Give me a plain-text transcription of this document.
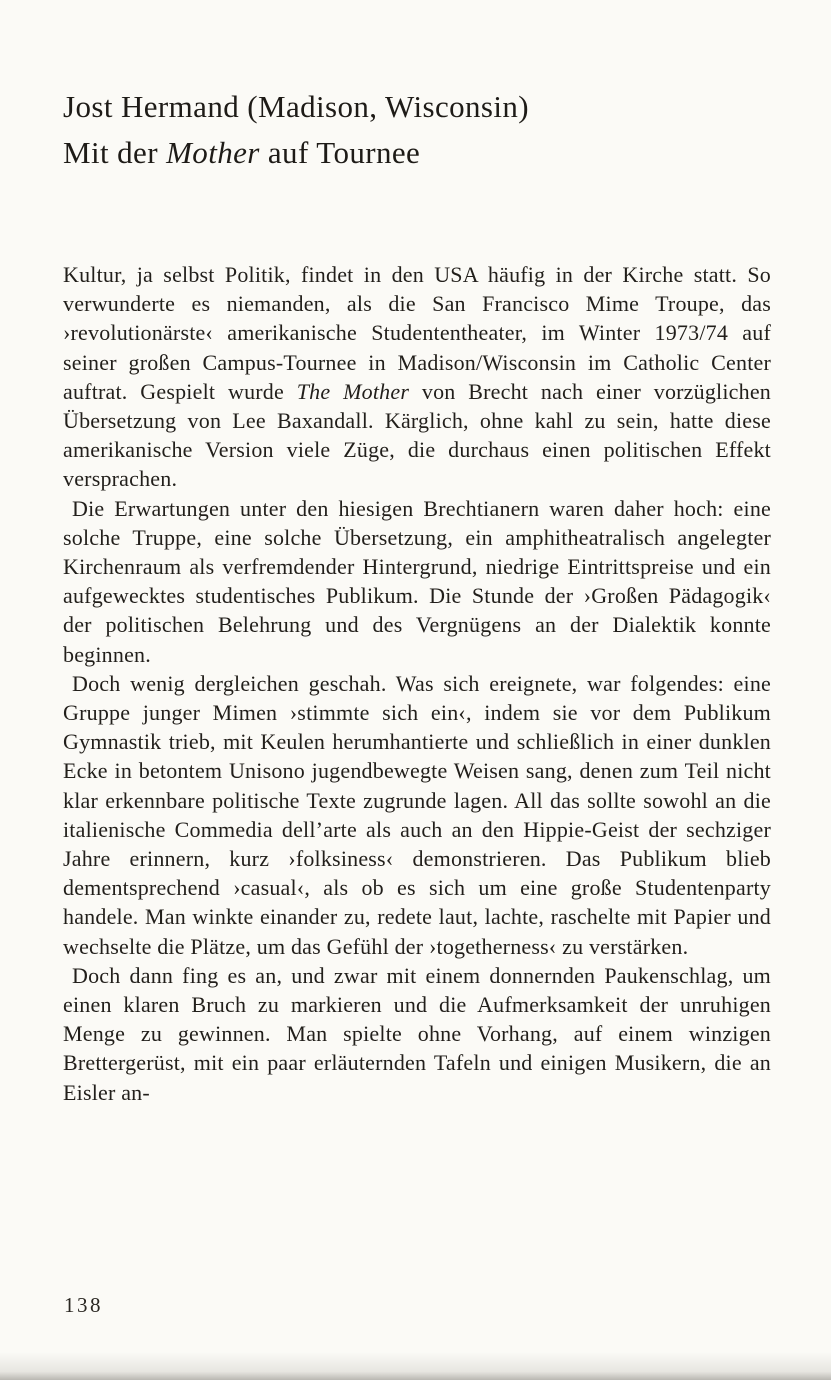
Jost Hermand (Madison, Wisconsin)
Mit der Mother auf Tournee

Kultur, ja selbst Politik, findet in den USA häufig in der Kirche statt. So verwunderte es niemanden, als die San Francisco Mime Troupe, das ›revolutionärste‹ amerikanische Studententheater, im Winter 1973/74 auf seiner großen Campus-Tournee in Madison/Wisconsin im Catholic Center auftrat. Gespielt wurde The Mother von Brecht nach einer vorzüglichen Übersetzung von Lee Baxandall. Kärglich, ohne kahl zu sein, hatte diese amerikanische Version viele Züge, die durchaus einen politischen Effekt versprachen.

Die Erwartungen unter den hiesigen Brechtianern waren daher hoch: eine solche Truppe, eine solche Übersetzung, ein amphitheatralisch angelegter Kirchenraum als verfremdender Hintergrund, niedrige Eintrittspreise und ein aufgewecktes studentisches Publikum. Die Stunde der ›Großen Pädagogik‹ der politischen Belehrung und des Vergnügens an der Dialektik konnte beginnen.

Doch wenig dergleichen geschah. Was sich ereignete, war folgendes: eine Gruppe junger Mimen ›stimmte sich ein‹, indem sie vor dem Publikum Gymnastik trieb, mit Keulen herumhantierte und schließlich in einer dunklen Ecke in betontem Unisono jugendbewegte Weisen sang, denen zum Teil nicht klar erkennbare politische Texte zugrunde lagen. All das sollte sowohl an die italienische Commedia dell’arte als auch an den Hippie-Geist der sechziger Jahre erinnern, kurz ›folksiness‹ demonstrieren. Das Publikum blieb dementsprechend ›casual‹, als ob es sich um eine große Studentenparty handele. Man winkte einander zu, redete laut, lachte, raschelte mit Papier und wechselte die Plätze, um das Gefühl der ›togetherness‹ zu verstärken.

Doch dann fing es an, und zwar mit einem donnernden Paukenschlag, um einen klaren Bruch zu markieren und die Aufmerksamkeit der unruhigen Menge zu gewinnen. Man spielte ohne Vorhang, auf einem winzigen Brettergerüst, mit ein paar erläuternden Tafeln und einigen Musikern, die an Eisler an-

138
